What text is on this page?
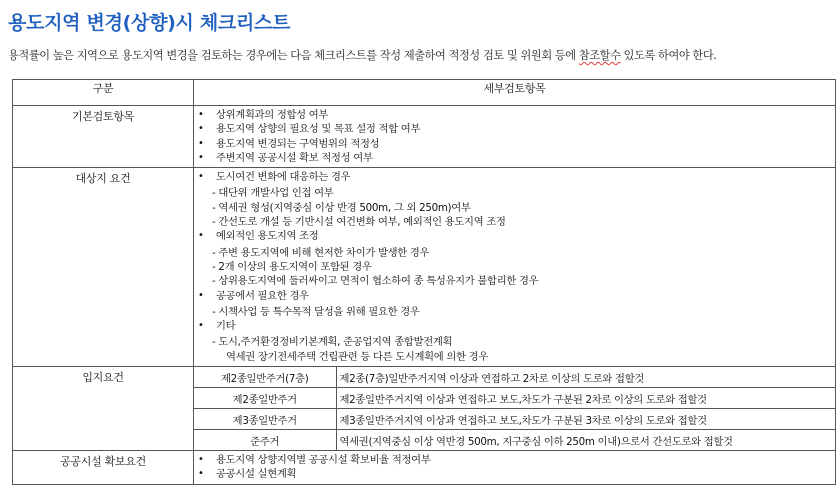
용도지역 변경(상향)시 체크리스트
용적률이 높은 지역으로 용도지역 변경을 검토하는 경우에는 다음 체크리스트를 작성 제출하여 적정성 검토 및 위원회 등에 참조할수 있도록 하여야 한다.
구분	세부검토항목
기본검토항목	
•상위계획과의 정합성 여부
• 용도지역 상향의 필요성 및 목표 설정 적합 여부
• 용도지역 변경되는 구역범위의 적정성
• 주변지역 공공시설 확보 적정성 여부

대상지 요건	
•도시여건 변화에 대응하는 경우
- 대단위 개발사업 인접 여부
- 역세권 형성(지역중심 이상 반경 500m, 그 외 250m)여부
- 간선도로 개설 등 기반시설 여건변화 여부, 예외적인 용도지역 조정
• 예외적인 용도지역 조정
- 주변 용도지역에 비해 현저한 차이가 발생한 경우
- 2개 이상의 용도지역이 포함된 경우
- 상위용도지역에 둘러싸이고 면적이 협소하여 종 특성유지가 불합리한 경우
• 공공에서 필요한 경우
- 시책사업 등 특수목적 달성을 위해 필요한 경우
• 기타
- 도시,주거환경정비기본계획, 준공업지역 종합발전계획
역세권 장기전세주택 건립관련 등 다른 도시계획에 의한 경우

입지요건		제2종일반주거(7층)	제2종(7층)일반주거지역 이상과 연접하고 2차로 이상의 도로와 접할것
제2종일반주거	제2종일반주거지역 이상과 연접하고 보도,차도가 구분된 2차로 이상의 도로와 접할것
제3종일반주거	제3종일반주거지역 이상과 연접하고 보도,차도가 구분된 3차로 이상의 도로와 접할것
준주거	역세권(지역중심 이상 역반경 500m, 지구중심 이하 250m 이내)으로서 간선도로와 접할것

공공시설 확보요건	
•용도지역 상향지역별 공공시설 확보비율 적정여부
• 공공시설 실현계획
